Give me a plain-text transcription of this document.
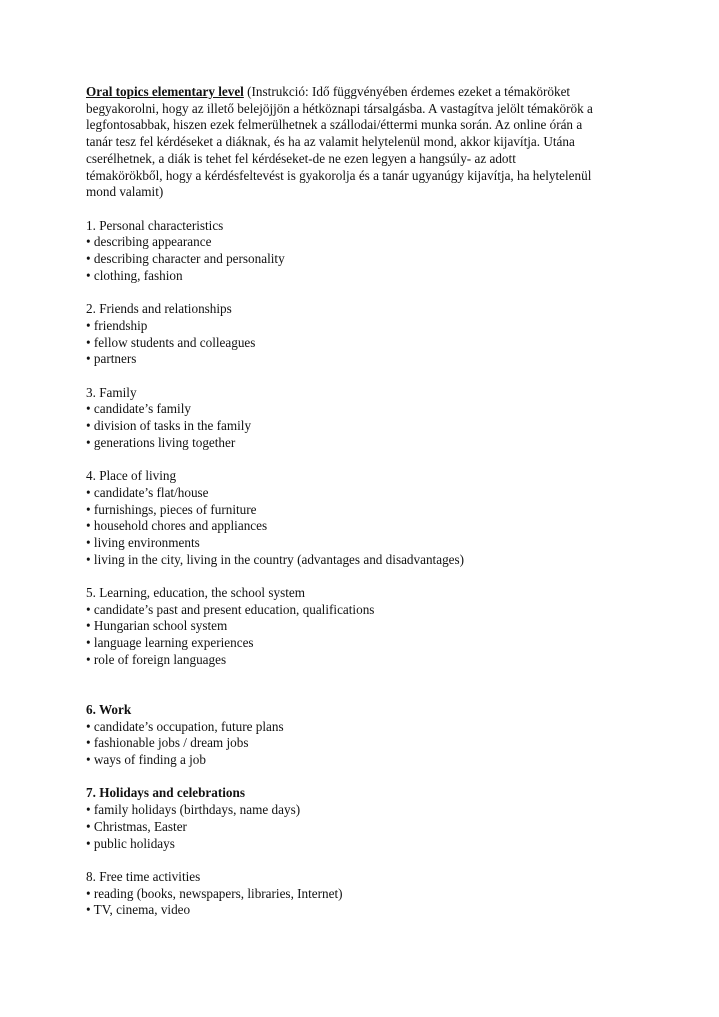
Oral topics elementary level (Instrukció: Idő függvényében érdemes ezeket a témaköröket
begyakorolni, hogy az illető belejöjjön a hétköznapi társalgásba. A vastagítva jelölt témakörök a
legfontosabbak, hiszen ezek felmerülhetnek a szállodai/éttermi munka során. Az online órán a
tanár tesz fel kérdéseket a diáknak, és ha az valamit helytelenül mond, akkor kijavítja. Utána
cserélhetnek, a diák is tehet fel kérdéseket-de ne ezen legyen a hangsúly- az adott
témakörökből, hogy a kérdésfeltevést is gyakorolja és a tanár ugyanúgy kijavítja, ha helytelenül
mond valamit)
1. Personal characteristics
• describing appearance
• describing character and personality
• clothing, fashion
2. Friends and relationships
• friendship
• fellow students and colleagues
• partners
3. Family
• candidate’s family
• division of tasks in the family
• generations living together
4. Place of living
• candidate’s flat/house
• furnishings, pieces of furniture
• household chores and appliances
• living environments
• living in the city, living in the country (advantages and disadvantages)
5. Learning, education, the school system
• candidate’s past and present education, qualifications
• Hungarian school system
• language learning experiences
• role of foreign languages
6. Work
• candidate’s occupation, future plans
• fashionable jobs / dream jobs
• ways of finding a job
7. Holidays and celebrations
• family holidays (birthdays, name days)
• Christmas, Easter
• public holidays
8. Free time activities
• reading (books, newspapers, libraries, Internet)
• TV, cinema, video
